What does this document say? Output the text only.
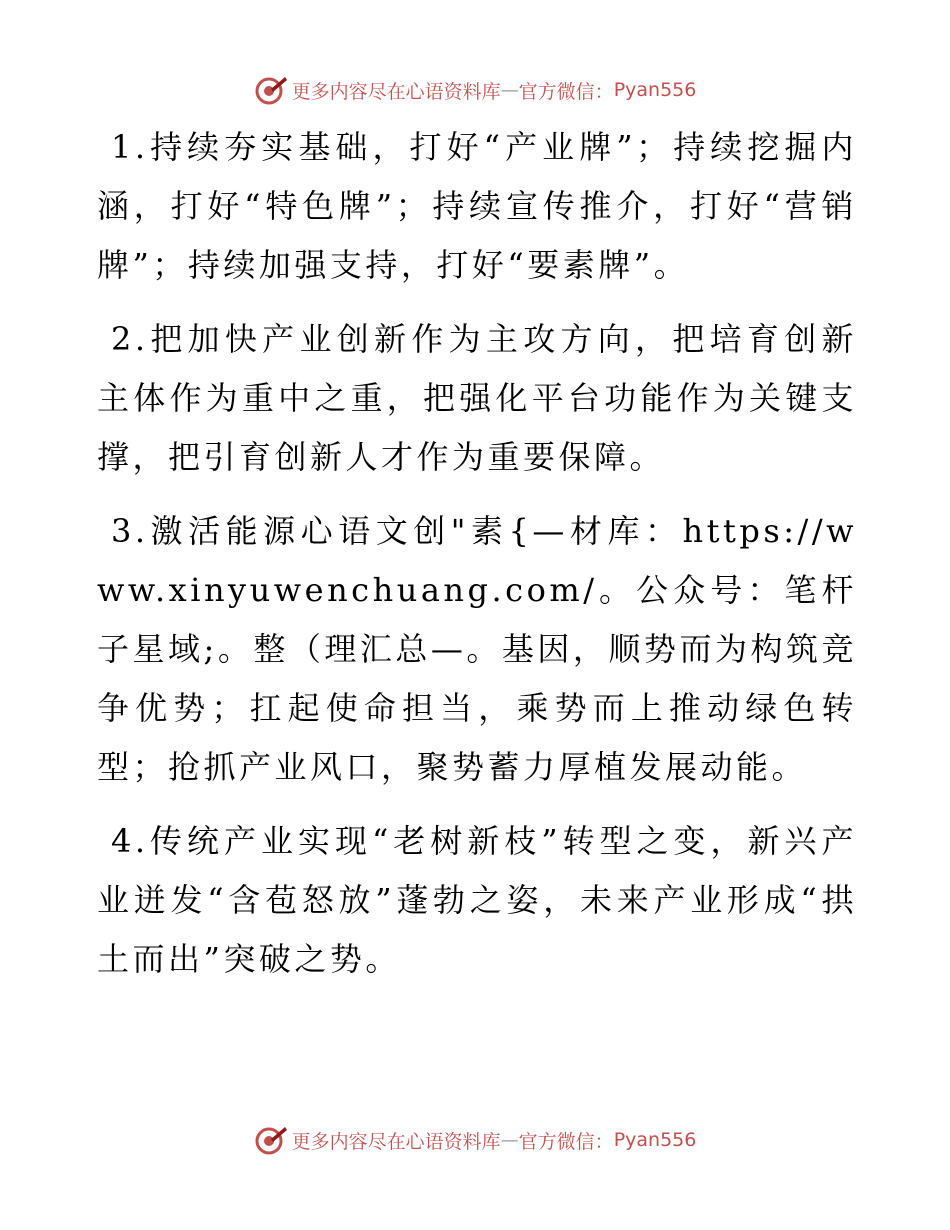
更多内容尽在心语资料库 — 官方微信： Pyan556

1.持续夯实基础，打好“产业牌”；持续挖掘内涵，打好“特色牌”；持续宣传推介，打好“营销牌”；持续加强支持，打好“要素牌”。

2.把加快产业创新作为主攻方向，把培育创新主体作为重中之重，把强化平台功能作为关键支撑，把引育创新人才作为重要保障。

3.激活能源心语文创"素{—材库：https://www.xinyuwenchuang.com/。公众号：笔杆子星域;。整（理汇总—。基因，顺势而为构筑竞争优势；扛起使命担当，乘势而上推动绿色转型；抢抓产业风口，聚势蓄力厚植发展动能。

4.传统产业实现“老树新枝”转型之变，新兴产业迸发“含苞怒放”蓬勃之姿，未来产业形成“拱土而出”突破之势。

更多内容尽在心语资料库 — 官方微信： Pyan556
